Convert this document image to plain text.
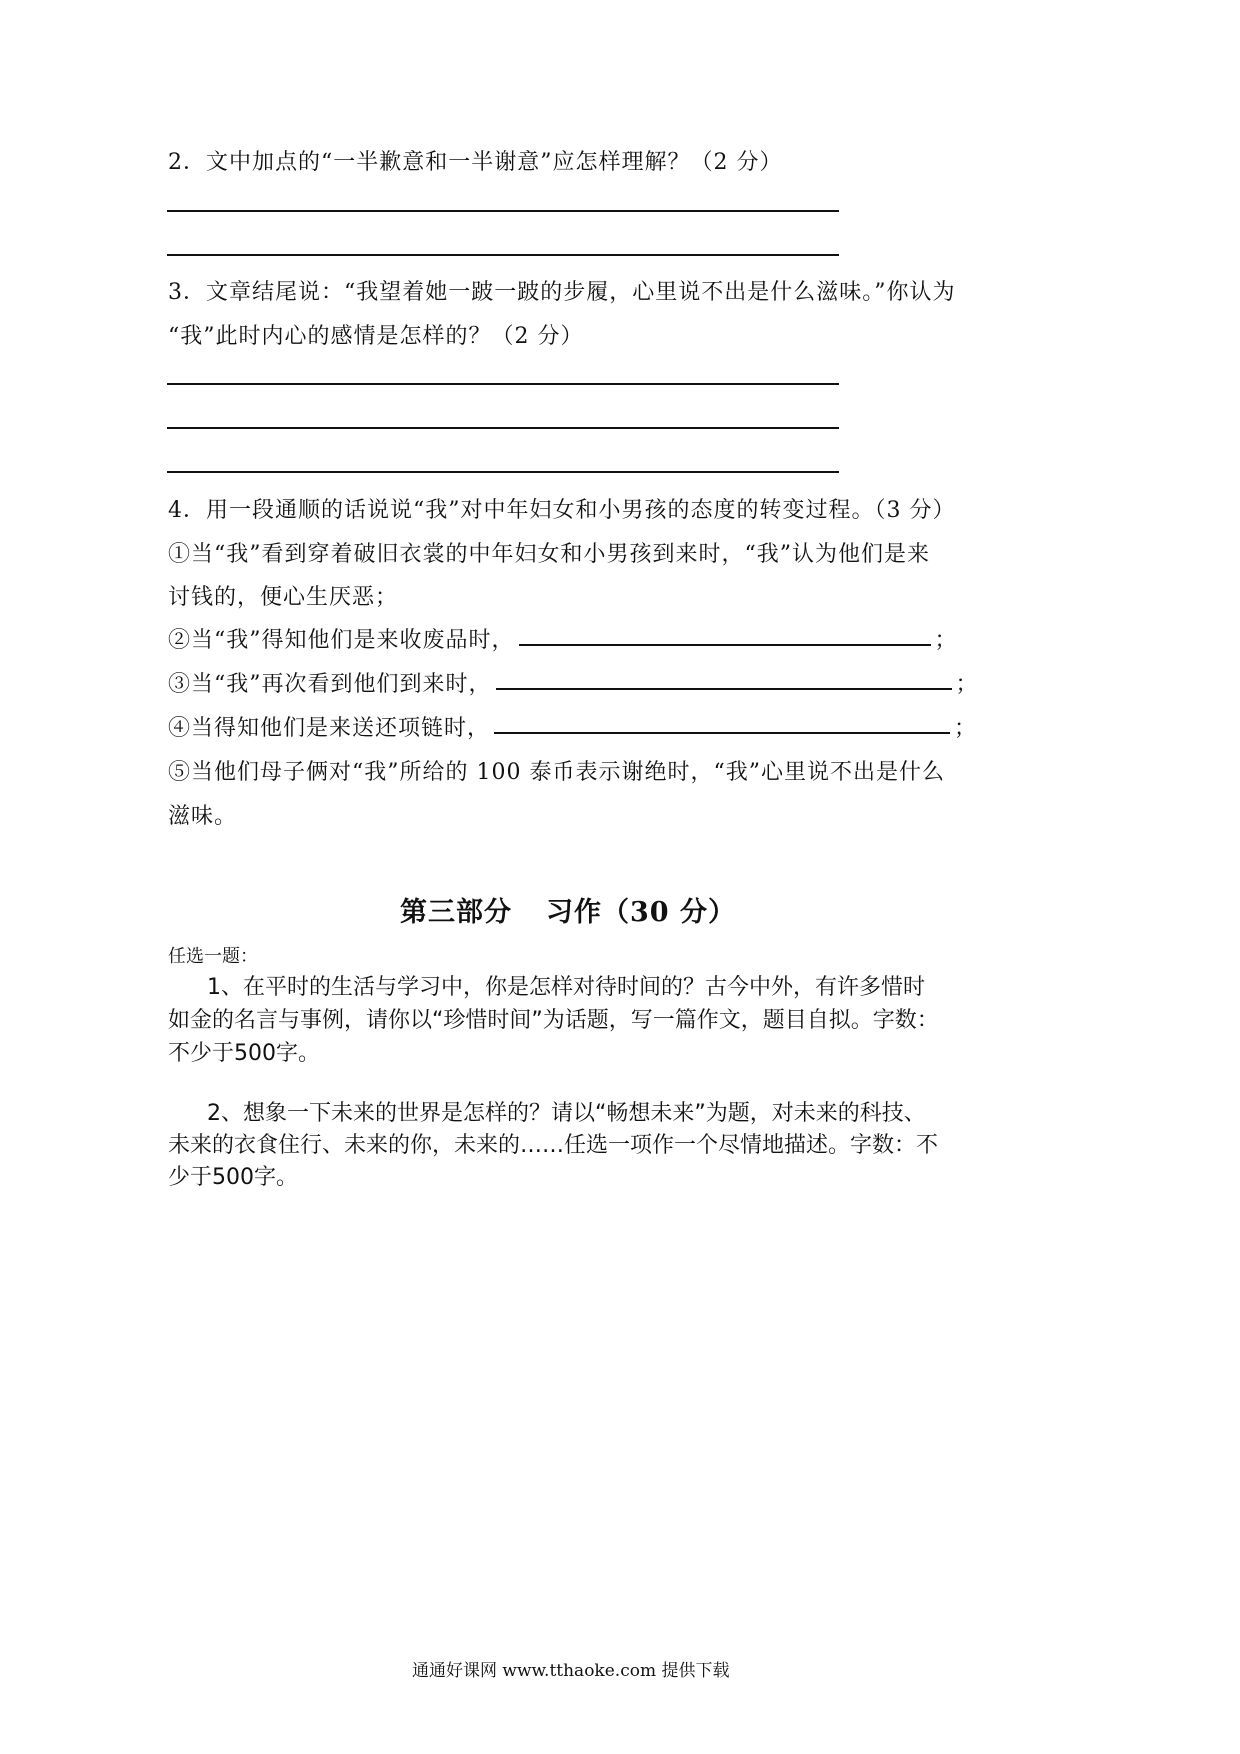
2．文中加点的“一半歉意和一半谢意”应怎样理解？（2 分）
3．文章结尾说：“我望着她一跛一跛的步履，心里说不出是什么滋味。”你认为
“我”此时内心的感情是怎样的？（2 分）
4．用一段通顺的话说说“我”对中年妇女和小男孩的态度的转变过程。（3 分）
①当“我”看到穿着破旧衣裳的中年妇女和小男孩到来时，“我”认为他们是来
讨钱的，便心生厌恶；
②当“我”得知他们是来收废品时，	；
③当“我”再次看到他们到来时，	；
④当得知他们是来送还项链时，	；
⑤当他们母子俩对“我”所给的 100 泰币表示谢绝时，“我”心里说不出是什么
滋味。
第三部分 习作（30 分）
任选一题：
1、在平时的生活与学习中，你是怎样对待时间的？古今中外，有许多惜时
如金的名言与事例，请你以“珍惜时间”为话题，写一篇作文，题目自拟。字数：
不少于500字。
2、想象一下未来的世界是怎样的？请以“畅想未来”为题，对未来的科技、
未来的衣食住行、未来的你，未来的……任选一项作一个尽情地描述。字数：不
少于500字。
通通好课网 www.tthaoke.com 提供下载
